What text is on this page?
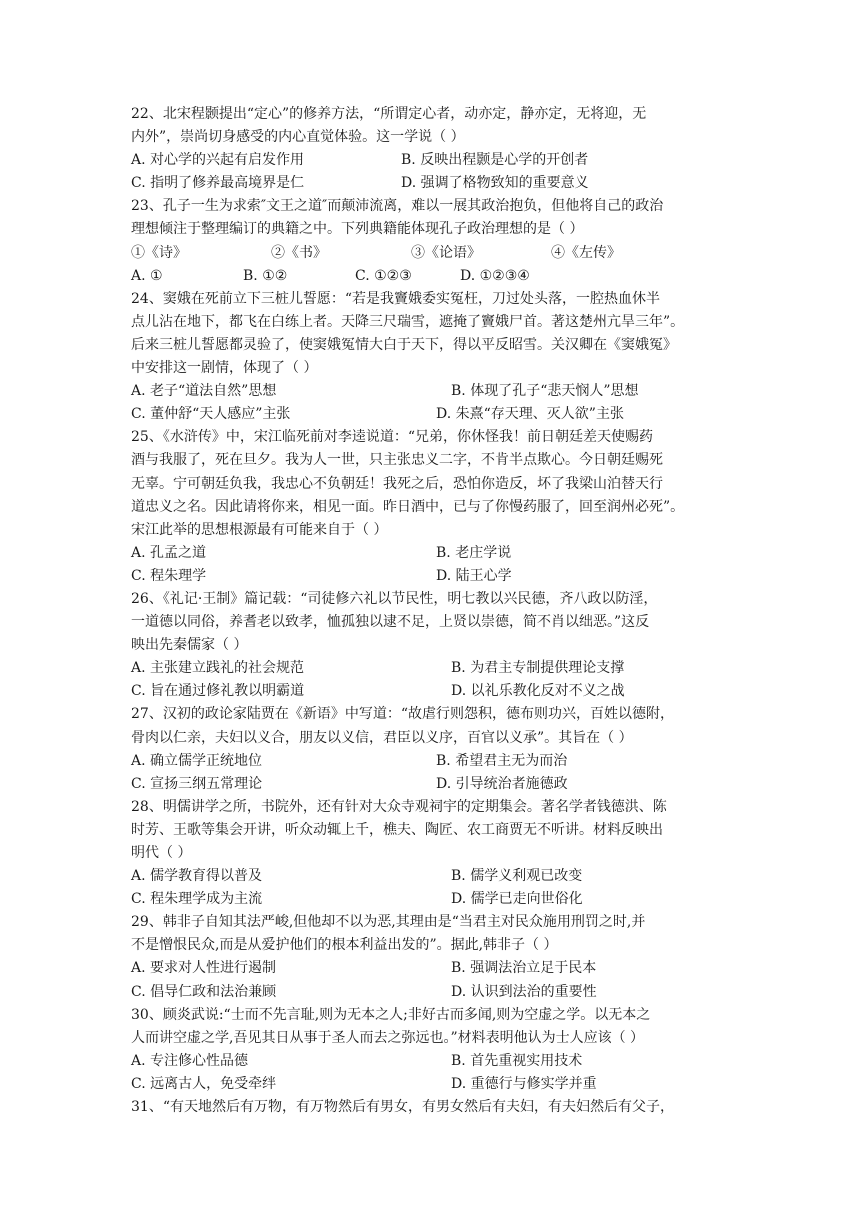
22、北宋程颢提出“定心”的修养方法，“所谓定心者，动亦定，静亦定，无将迎，无
内外”，崇尚切身感受的内心直觉体验。这一学说（ ）
A. 对心学的兴起有启发作用	B. 反映出程颢是心学的开创者
C. 指明了修养最高境界是仁	D. 强调了格物致知的重要意义
23、孔子一生为求索″文王之道″而颠沛流离，难以一展其政治抱负，但他将自己的政治
理想倾注于整理编订的典籍之中。下列典籍能体现孔子政治理想的是（ ）
①《诗》	②《书》	③《论语》	④《左传》
A. ①	B. ①②	C. ①②③	D. ①②③④
24、窦娥在死前立下三桩儿誓愿：“若是我竇娥委实冤枉，刀过处头落，一腔热血休半
点儿沾在地下，都飞在白练上者。天降三尺瑞雪，遮掩了竇娥尸首。著这楚州亢旱三年”。
后来三桩儿誓愿都灵验了，使窦娥冤情大白于天下，得以平反昭雪。关汉卿在《窦娥冤》
中安排这一剧情，体现了（ ）
A. 老子“道法自然”思想	B. 体现了孔子“悲天悯人”思想
C. 董仲舒“天人感应”主张	D. 朱熹“存天理、灭人欲”主张
25、《水浒传》中，宋江临死前对李逵说道：“兄弟，你休怪我！前日朝廷差天使赐药
酒与我服了，死在旦夕。我为人一世，只主张忠义二字，不肯半点欺心。今日朝廷赐死
无辜。宁可朝廷负我，我忠心不负朝廷！我死之后，恐怕你造反，坏了我梁山泊替天行
道忠义之名。因此请将你来，相见一面。昨日酒中，已与了你慢药服了，回至润州必死”。
宋江此举的思想根源最有可能来自于（ ）
A. 孔孟之道	B. 老庄学说
C. 程朱理学	D. 陆王心学
26、《礼记·王制》篇记载：“司徒修六礼以节民性，明七教以兴民德，齐八政以防淫，
一道德以同俗，养耆老以致孝，恤孤独以逮不足，上贤以崇德，简不肖以绌恶。”这反
映出先秦儒家（ ）
A. 主张建立践礼的社会规范	B. 为君主专制提供理论支撑
C. 旨在通过修礼教以明霸道	D. 以礼乐教化反对不义之战
27、汉初的政论家陆贾在《新语》中写道：“故虐行则怨积，德布则功兴，百姓以德附，
骨肉以仁亲，夫妇以义合，朋友以义信，君臣以义序，百官以义承”。其旨在（ ）
A. 确立儒学正统地位	B. 希望君主无为而治
C. 宣扬三纲五常理论	D. 引导统治者施德政
28、明儒讲学之所，书院外，还有针对大众寺观祠宇的定期集会。著名学者钱德洪、陈
时芳、王歌等集会开讲，听众动辄上千，樵夫、陶匠、农工商贾无不听讲。材料反映出
明代（ ）
A. 儒学教育得以普及	B. 儒学义利观已改变
C. 程朱理学成为主流	D. 儒学已走向世俗化
29、韩非子自知其法严峻,但他却不以为恶,其理由是“当君主对民众施用刑罚之时,并
不是憎恨民众,而是从爱护他们的根本利益出发的”。据此,韩非子（ ）
A. 要求对人性进行遏制	B. 强调法治立足于民本
C. 倡导仁政和法治兼顾	D. 认识到法治的重要性
30、顾炎武说:“士而不先言耻,则为无本之人;非好古而多闻,则为空虚之学。以无本之
人而讲空虚之学,吾见其日从事于圣人而去之弥远也。”材料表明他认为士人应该（ ）
A. 专注修心性品德	B. 首先重视实用技术
C. 远离古人，免受牵绊	D. 重德行与修实学并重
31、“有天地然后有万物，有万物然后有男女，有男女然后有夫妇，有夫妇然后有父子，
